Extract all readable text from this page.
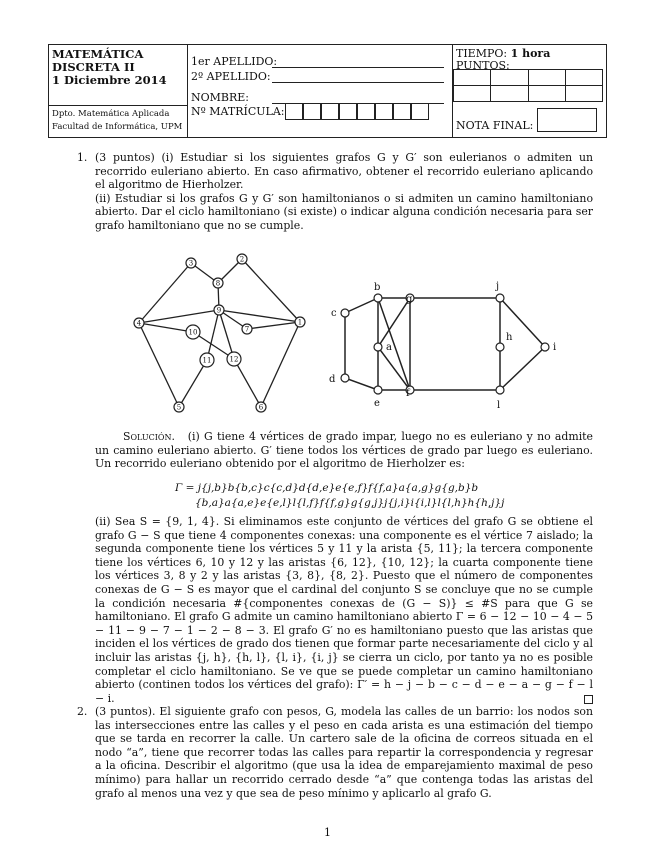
MATEMÁTICA
DISCRETA II
1 Diciembre 2014
Dpto. Matemática Aplicada
Facultad de Informática, UPM
1er APELLIDO:
2º APELLIDO:
NOMBRE:
Nº MATRÍCULA:
TIEMPO: 1 hora
PUNTOS:

NOTA FINAL:
1. (3 puntos) (i) Estudiar si los siguientes grafos G y G′ son eulerianos o admiten un recorrido euleriano abierto. En caso afirmativo, obtener el recorrido euleriano aplicando el algoritmo de Hierholzer.
(ii) Estudiar si los grafos G y G′ son hamiltonianos o si admiten un camino hamiltoniano abierto. Dar el ciclo hamiltoniano (si existe) o indicar alguna condición necesaria para ser grafo hamiltoniano que no se cumple.
3	2
8
9
4	1
10	7
11	12
5	6
b
g
j
c
a
h
i
d
e
f
l
Solución. (i) G tiene 4 vértices de grado impar, luego no es euleriano y no admite un camino euleriano abierto. G′ tiene todos los vértices de grado par luego es euleriano. Un recorrido euleriano obtenido por el algoritmo de Hierholzer es:
Γ = j{j,b}b{b,c}c{c,d}d{d,e}e{e,f}f{f,a}a{a,g}g{g,b}b
{b,a}a{a,e}e{e,l}l{l,f}f{f,g}g{g,j}j{j,i}i{i,l}l{l,h}h{h,j}j
(ii) Sea S = {9, 1, 4}. Si eliminamos este conjunto de vértices del grafo G se obtiene el grafo G − S que tiene 4 componentes conexas: una componente es el vértice 7 aislado; la segunda componente tiene los vértices 5 y 11 y la arista {5, 11}; la tercera componente tiene los vértices 6, 10 y 12 y las aristas {6, 12}, {10, 12}; la cuarta componente tiene los vértices 3, 8 y 2 y las aristas {3, 8}, {8, 2}. Puesto que el número de componentes conexas de G − S es mayor que el cardinal del conjunto S se concluye que no se cumple la condición necesaria #{componentes conexas de (G − S)} ≤ #S para que G se hamiltoniano. El grafo G admite un camino hamiltoniano abierto Γ = 6 − 12 − 10 − 4 − 5 − 11 − 9 − 7 − 1 − 2 − 8 − 3. El grafo G′ no es hamiltoniano puesto que las aristas que inciden el los vértices de grado dos tienen que formar parte necesariamente del ciclo y al incluir las aristas {j, h}, {h, l}, {l, i}, {i, j} se cierra un ciclo, por tanto ya no es posible completar el ciclo hamiltoniano. Se ve que se puede completar un camino hamiltoniano abierto (continen todos los vértices del grafo): Γ′ = h − j − b − c − d − e − a − g − f − l − i.
2. (3 puntos). El siguiente grafo con pesos, G, modela las calles de un barrio: los nodos son las intersecciones entre las calles y el peso en cada arista es una estimación del tiempo que se tarda en recorrer la calle. Un cartero sale de la oficina de correos situada en el nodo “a”, tiene que recorrer todas las calles para repartir la correspondencia y regresar a la oficina. Describir el algoritmo (que usa la idea de emparejamiento maximal de peso mínimo) para hallar un recorrido cerrado desde “a” que contenga todas las aristas del grafo al menos una vez y que sea de peso mínimo y aplicarlo al grafo G.
1
